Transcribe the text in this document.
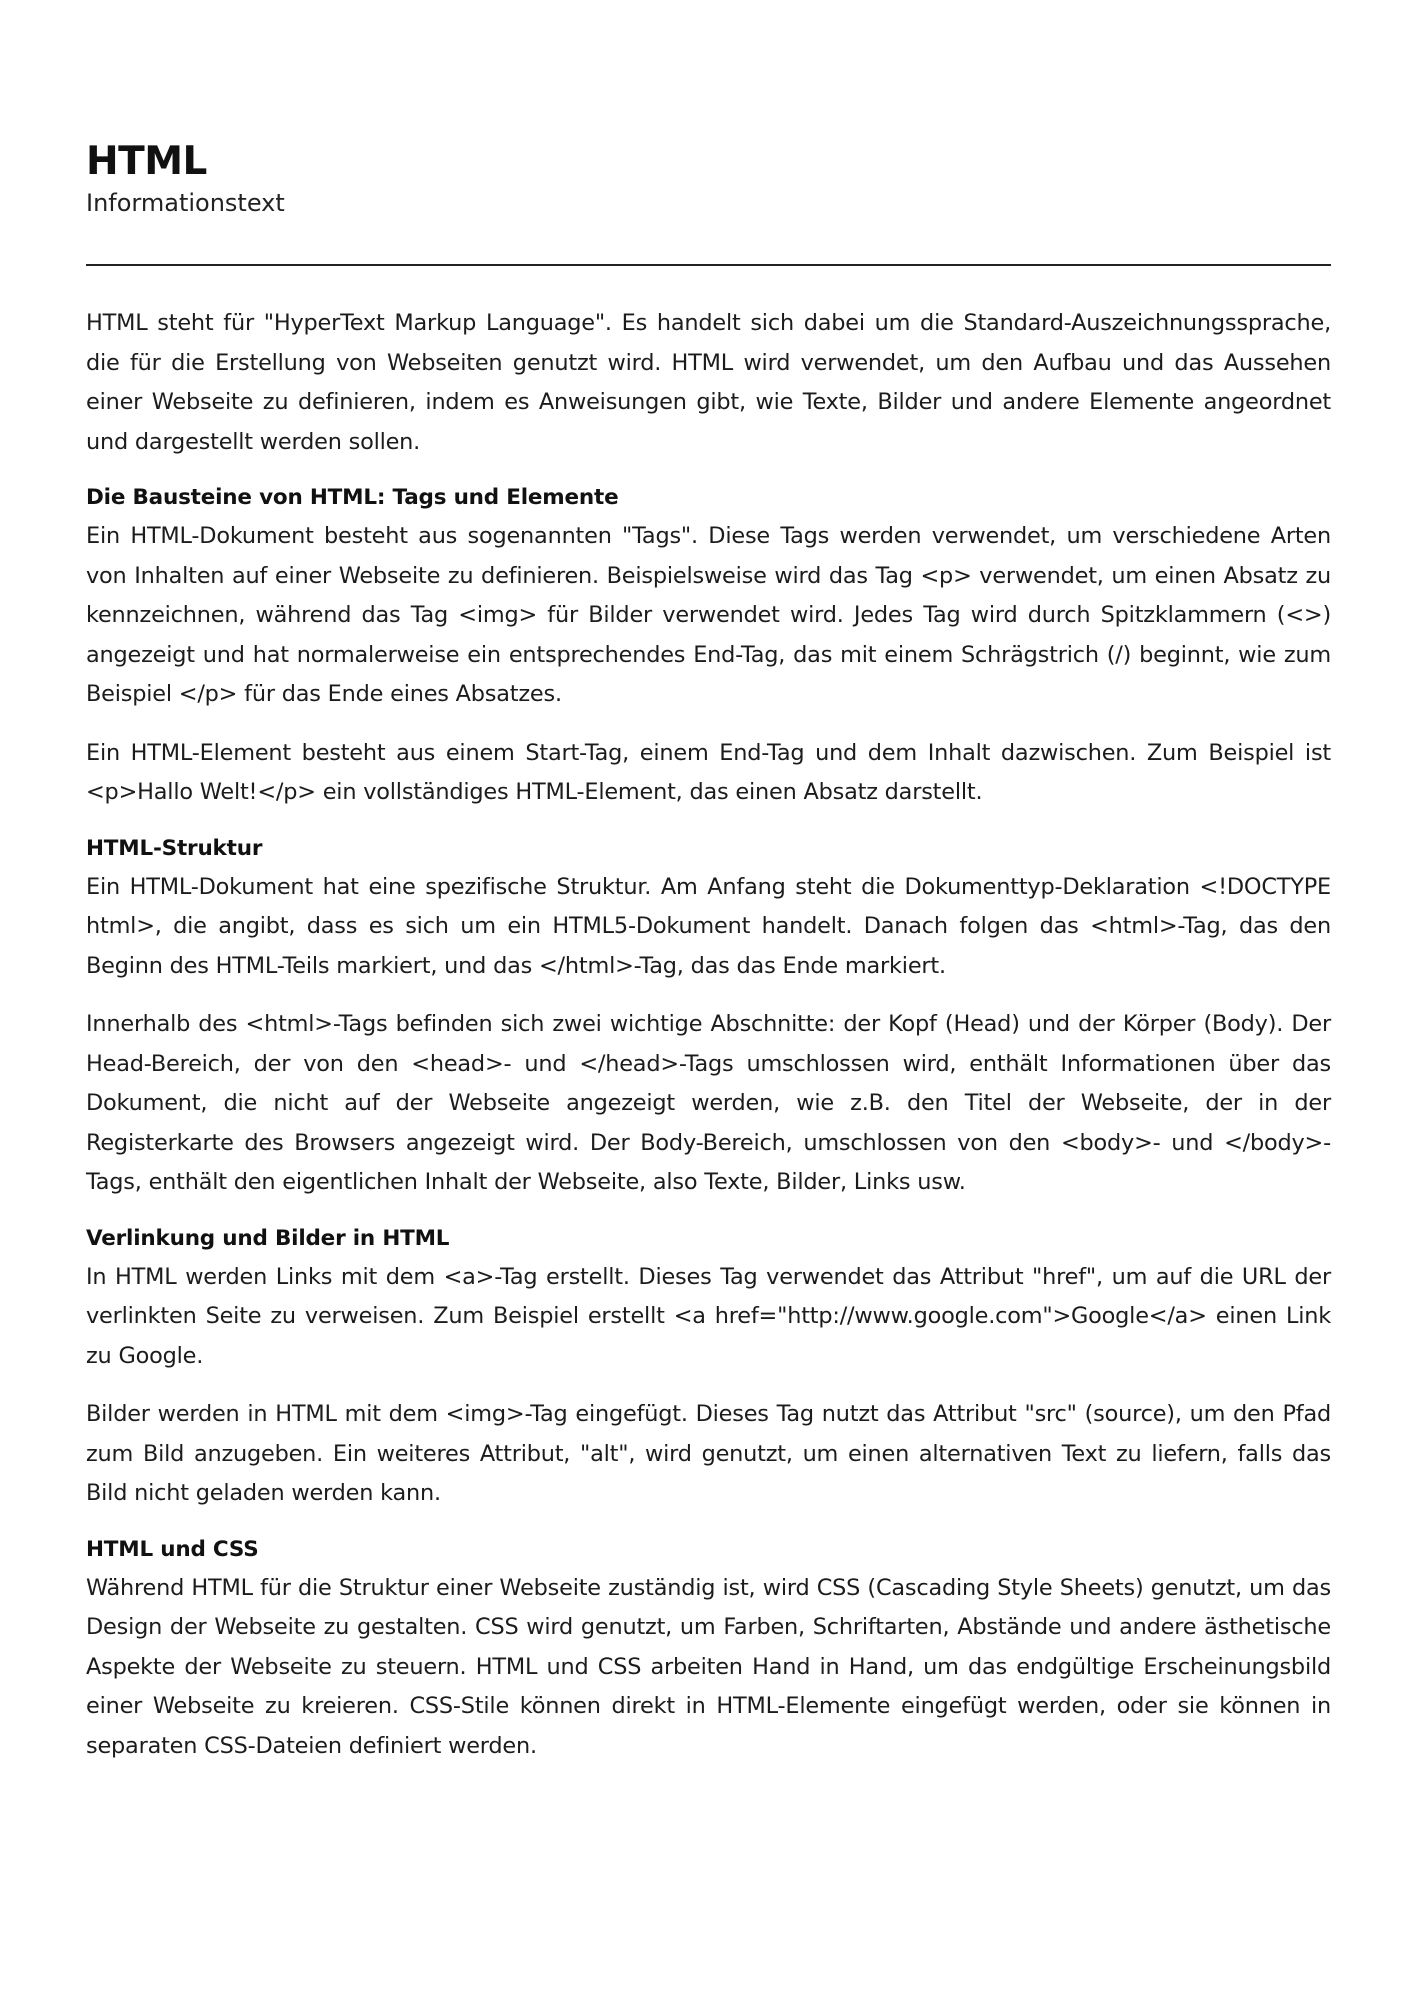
HTML
Informationstext

HTML steht für "HyperText Markup Language". Es handelt sich dabei um die Standard-Auszeichnungssprache, die für die Erstellung von Webseiten genutzt wird. HTML wird verwendet, um den Aufbau und das Aussehen einer Webseite zu definieren, indem es Anweisungen gibt, wie Texte, Bilder und andere Elemente angeordnet und dargestellt werden sollen.

Die Bausteine von HTML: Tags und Elemente

Ein HTML-Dokument besteht aus sogenannten "Tags". Diese Tags werden verwendet, um verschiedene Arten von Inhalten auf einer Webseite zu definieren. Beispielsweise wird das Tag <p> verwendet, um einen Absatz zu kennzeichnen, während das Tag <img> für Bilder verwendet wird. Jedes Tag wird durch Spitzklammern (<>) angezeigt und hat normalerweise ein entsprechendes End-Tag, das mit einem Schrägstrich (/) beginnt, wie zum Beispiel </p> für das Ende eines Absatzes.

Ein HTML-Element besteht aus einem Start-Tag, einem End-Tag und dem Inhalt dazwischen. Zum Beispiel ist <p>Hallo Welt!</p> ein vollständiges HTML-Element, das einen Absatz darstellt.

HTML-Struktur

Ein HTML-Dokument hat eine spezifische Struktur. Am Anfang steht die Dokumenttyp-Deklaration <!DOCTYPE html>, die angibt, dass es sich um ein HTML5-Dokument handelt. Danach folgen das <html>-Tag, das den Beginn des HTML-Teils markiert, und das </html>-Tag, das das Ende markiert.

Innerhalb des <html>-Tags befinden sich zwei wichtige Abschnitte: der Kopf (Head) und der Körper (Body). Der Head-Bereich, der von den <head>- und </head>-Tags umschlossen wird, enthält Informationen über das Dokument, die nicht auf der Webseite angezeigt werden, wie z.B. den Titel der Webseite, der in der Registerkarte des Browsers angezeigt wird. Der Body-Bereich, umschlossen von den <body>- und </body>-Tags, enthält den eigentlichen Inhalt der Webseite, also Texte, Bilder, Links usw.

Verlinkung und Bilder in HTML

In HTML werden Links mit dem <a>-Tag erstellt. Dieses Tag verwendet das Attribut "href", um auf die URL der verlinkten Seite zu verweisen. Zum Beispiel erstellt <a href="http://www.google.com">Google</a> einen Link zu Google.

Bilder werden in HTML mit dem <img>-Tag eingefügt. Dieses Tag nutzt das Attribut "src" (source), um den Pfad zum Bild anzugeben. Ein weiteres Attribut, "alt", wird genutzt, um einen alternativen Text zu liefern, falls das Bild nicht geladen werden kann.

HTML und CSS

Während HTML für die Struktur einer Webseite zuständig ist, wird CSS (Cascading Style Sheets) genutzt, um das Design der Webseite zu gestalten. CSS wird genutzt, um Farben, Schriftarten, Abstände und andere ästhetische Aspekte der Webseite zu steuern. HTML und CSS arbeiten Hand in Hand, um das endgültige Erscheinungsbild einer Webseite zu kreieren. CSS-Stile können direkt in HTML-Elemente eingefügt werden, oder sie können in separaten CSS-Dateien definiert werden.
